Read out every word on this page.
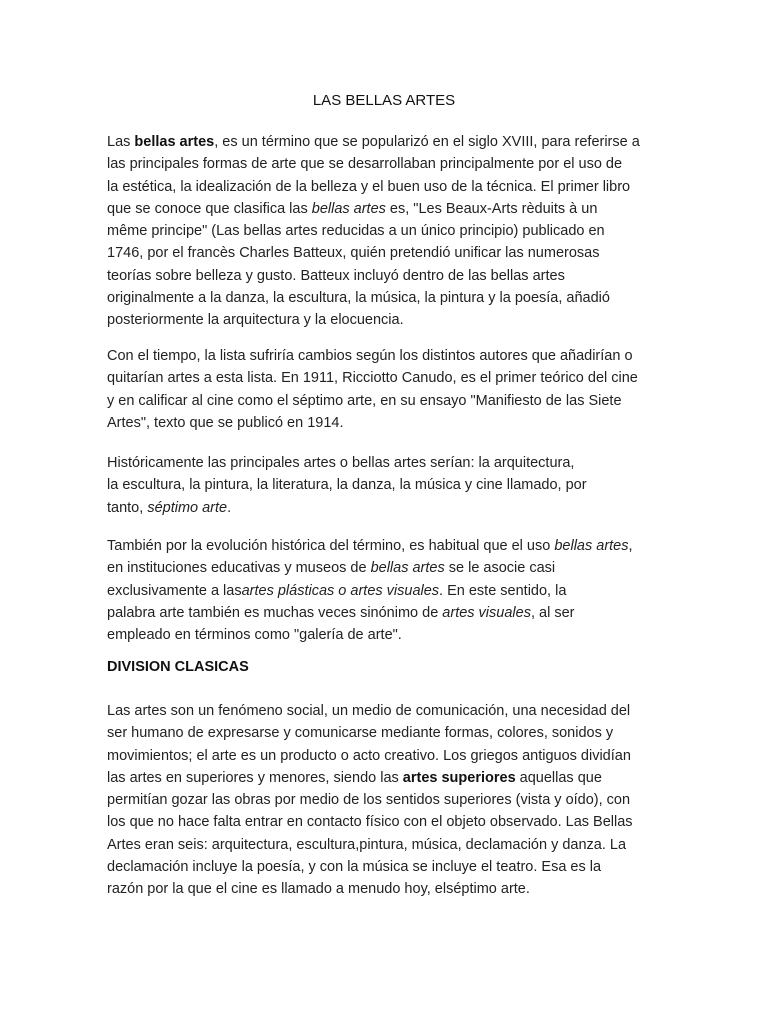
LAS BELLAS ARTES
Las bellas artes, es un término que se popularizó en el siglo XVIII, para referirse a
las principales formas de arte que se desarrollaban principalmente por el uso de
la estética, la idealización de la belleza y el buen uso de la técnica. El primer libro
que se conoce que clasifica las bellas artes es, "Les Beaux-Arts rèduits à un
même principe" (Las bellas artes reducidas a un único principio) publicado en
1746, por el francès Charles Batteux, quién pretendió unificar las numerosas
teorías sobre belleza y gusto. Batteux incluyó dentro de las bellas artes
originalmente a la danza, la escultura, la música, la pintura y la poesía, añadió
posteriormente la arquitectura y la elocuencia.
Con el tiempo, la lista sufriría cambios según los distintos autores que añadirían o
quitarían artes a esta lista. En 1911, Ricciotto Canudo, es el primer teórico del cine
y en calificar al cine como el séptimo arte, en su ensayo "Manifiesto de las Siete
Artes", texto que se publicó en 1914.
Históricamente las principales artes o bellas artes serían: la arquitectura,
la escultura, la pintura, la literatura, la danza, la música y cine llamado, por
tanto, séptimo arte.
También por la evolución histórica del término, es habitual que el uso bellas artes,
en instituciones educativas y museos de bellas artes se le asocie casi
exclusivamente a lasartes plásticas o artes visuales. En este sentido, la
palabra arte también es muchas veces sinónimo de artes visuales, al ser
empleado en términos como "galería de arte".
DIVISION CLASICAS
Las artes son un fenómeno social, un medio de comunicación, una necesidad del
ser humano de expresarse y comunicarse mediante formas, colores, sonidos y
movimientos; el arte es un producto o acto creativo. Los griegos antiguos dividían
las artes en superiores y menores, siendo las artes superiores aquellas que
permitían gozar las obras por medio de los sentidos superiores (vista y oído), con
los que no hace falta entrar en contacto físico con el objeto observado. Las Bellas
Artes eran seis: arquitectura, escultura,pintura, música, declamación y danza. La
declamación incluye la poesía, y con la música se incluye el teatro. Esa es la
razón por la que el cine es llamado a menudo hoy, elséptimo arte.
